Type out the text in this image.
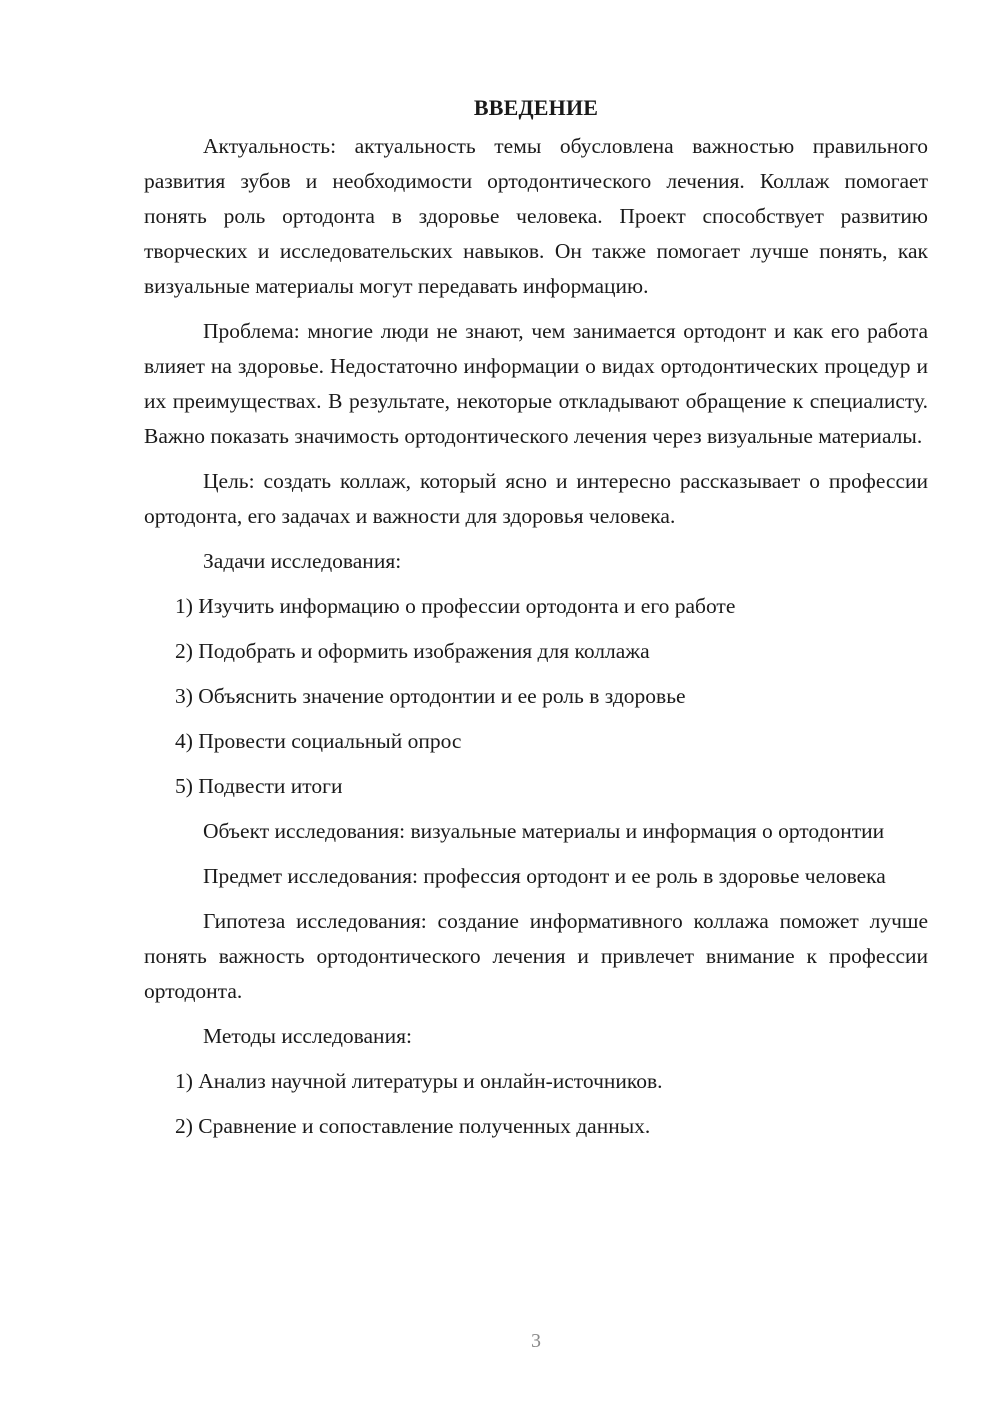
ВВЕДЕНИЕ

Актуальность: актуальность темы обусловлена важностью правильного развития зубов и необходимости ортодонтического лечения. Коллаж помогает понять роль ортодонта в здоровье человека. Проект способствует развитию творческих и исследовательских навыков. Он также помогает лучше понять, как визуальные материалы могут передавать информацию.

Проблема: многие люди не знают, чем занимается ортодонт и как его работа влияет на здоровье. Недостаточно информации о видах ортодонтических процедур и их преимуществах. В результате, некоторые откладывают обращение к специалисту. Важно показать значимость ортодонтического лечения через визуальные материалы.

Цель: создать коллаж, который ясно и интересно рассказывает о профессии ортодонта, его задачах и важности для здоровья человека.

Задачи исследования:

1) Изучить информацию о профессии ортодонта и его работе
2) Подобрать и оформить изображения для коллажа
3) Объяснить значение ортодонтии и ее роль в здоровье
4) Провести социальный опрос
5) Подвести итоги

Объект исследования: визуальные материалы и информация о ортодонтии

Предмет исследования: профессия ортодонт и ее роль в здоровье человека

Гипотеза исследования: создание информативного коллажа поможет лучше понять важность ортодонтического лечения и привлечет внимание к профессии ортодонта.

Методы исследования:

1) Анализ научной литературы и онлайн-источников.
2) Сравнение и сопоставление полученных данных.
3
